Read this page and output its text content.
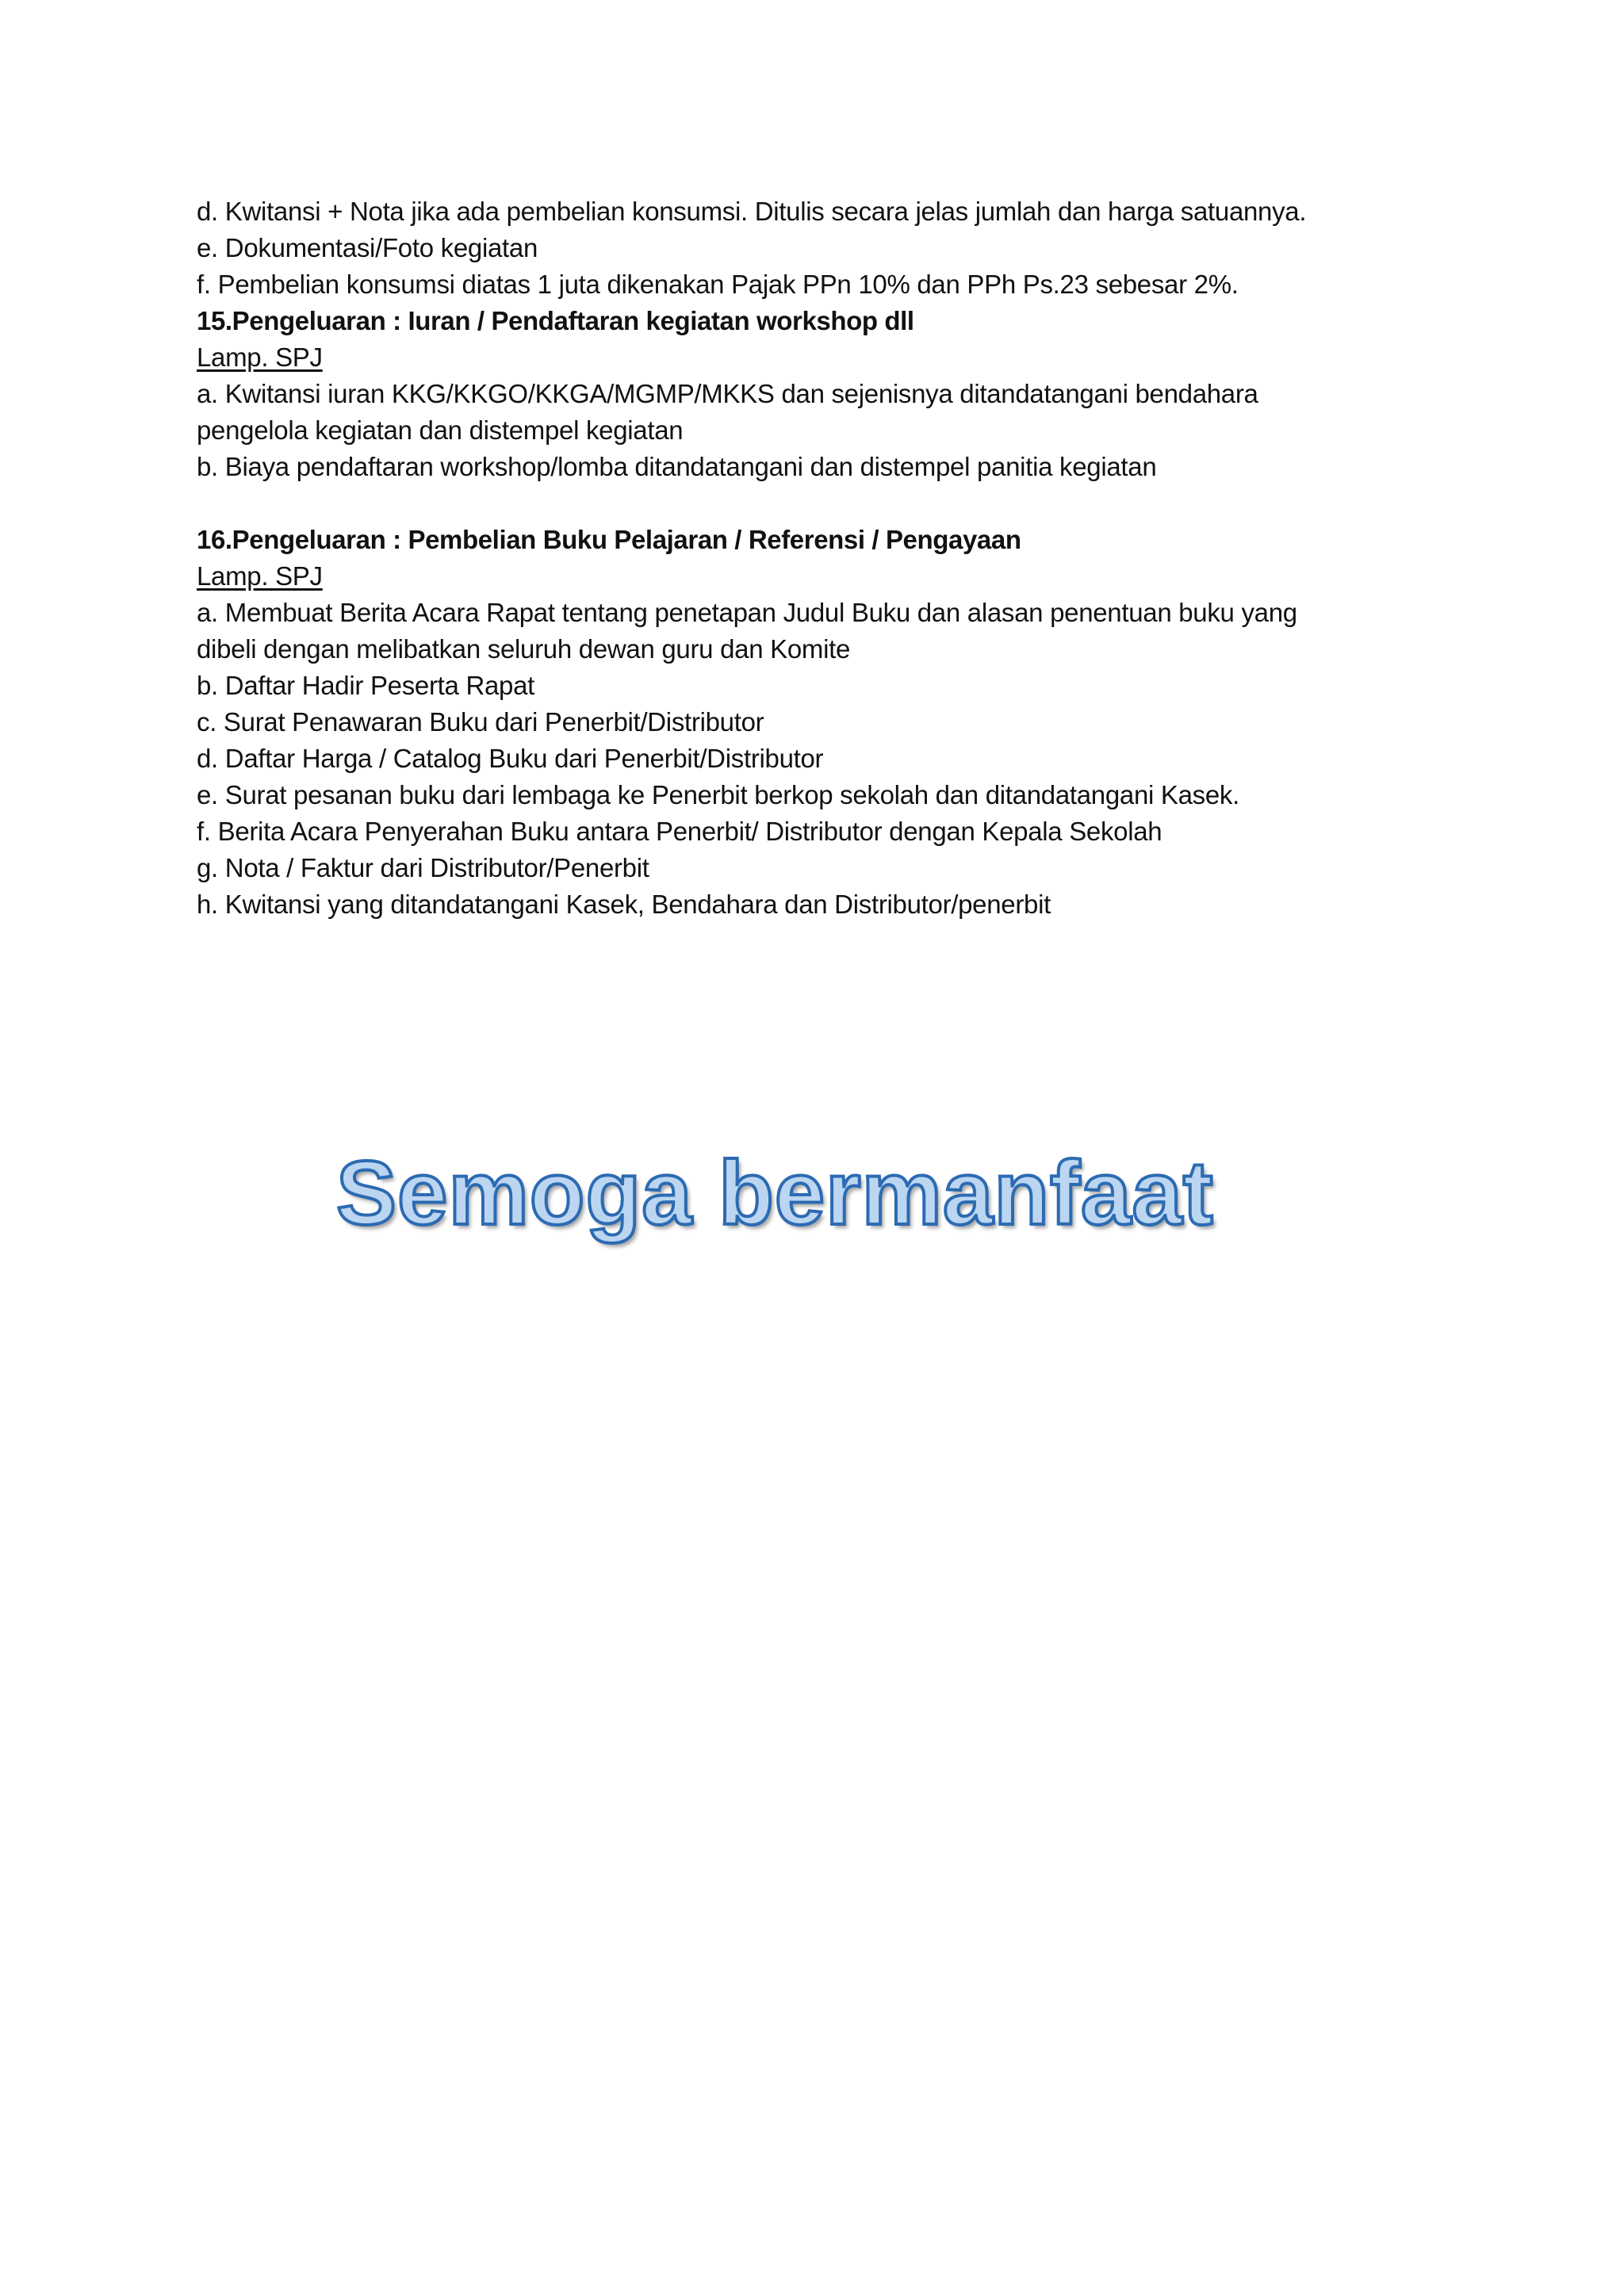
d. Kwitansi + Nota jika ada pembelian konsumsi. Ditulis secara jelas jumlah dan harga satuannya.
e. Dokumentasi/Foto kegiatan
f. Pembelian konsumsi diatas 1 juta dikenakan Pajak PPn 10% dan PPh Ps.23 sebesar 2%.
15.Pengeluaran : Iuran / Pendaftaran kegiatan workshop dll
Lamp. SPJ
a. Kwitansi iuran KKG/KKGO/KKGA/MGMP/MKKS dan sejenisnya ditandatangani bendahara
pengelola kegiatan dan distempel kegiatan
b. Biaya pendaftaran workshop/lomba ditandatangani dan distempel panitia kegiatan
16.Pengeluaran : Pembelian Buku Pelajaran / Referensi / Pengayaan
Lamp. SPJ
a. Membuat Berita Acara Rapat tentang penetapan Judul Buku dan alasan penentuan buku yang
dibeli dengan melibatkan seluruh dewan guru dan Komite
b. Daftar Hadir Peserta Rapat
c. Surat Penawaran Buku dari Penerbit/Distributor
d. Daftar Harga / Catalog Buku dari Penerbit/Distributor
e. Surat pesanan buku dari lembaga ke Penerbit berkop sekolah dan ditandatangani Kasek.
f. Berita Acara Penyerahan Buku antara Penerbit/ Distributor dengan Kepala Sekolah
g. Nota / Faktur dari Distributor/Penerbit
h. Kwitansi yang ditandatangani Kasek, Bendahara dan Distributor/penerbit
Semoga bermanfaat
